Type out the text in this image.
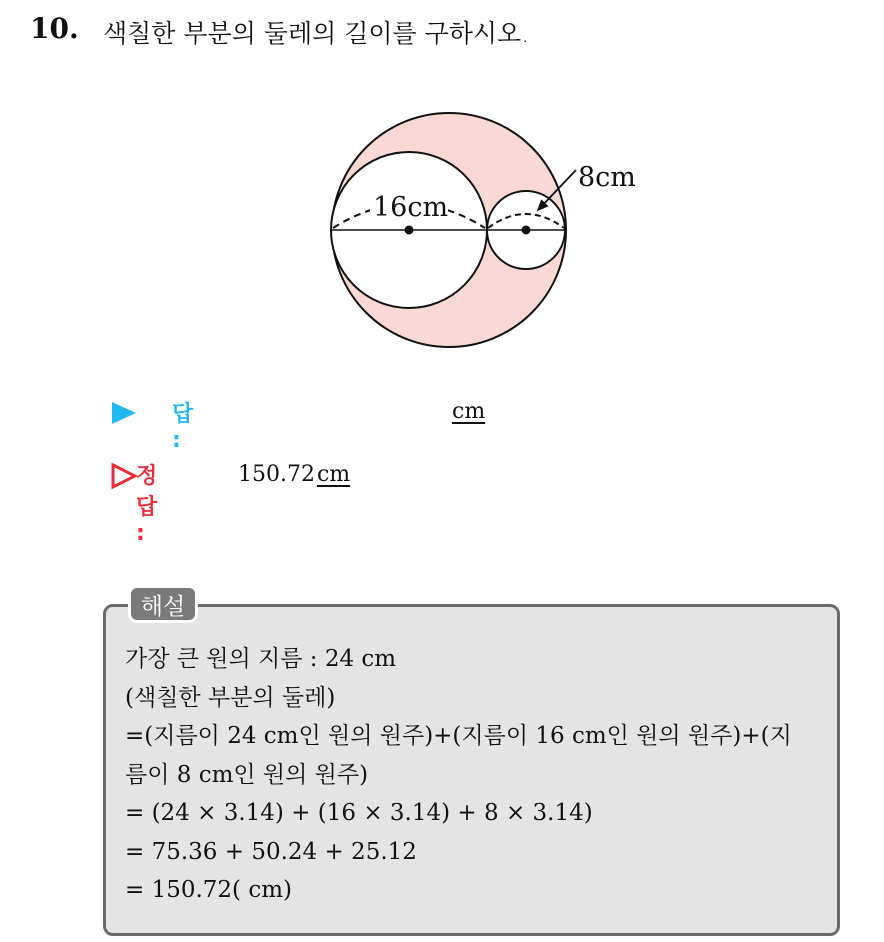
10. 색칠한 부분의 둘레의 길이를 구하시오.
16cm
8cm
답 :
cm
정답 :
150.72cm
해설
가장 큰 원의 지름 : 24 cm
(색칠한 부분의 둘레)
=(지름이 24 cm인 원의 원주)+(지름이 16 cm인 원의 원주)+(지
름이 8 cm인 원의 원주)
= (24 × 3.14) + (16 × 3.14) + 8 × 3.14)
= 75.36 + 50.24 + 25.12
= 150.72( cm)
